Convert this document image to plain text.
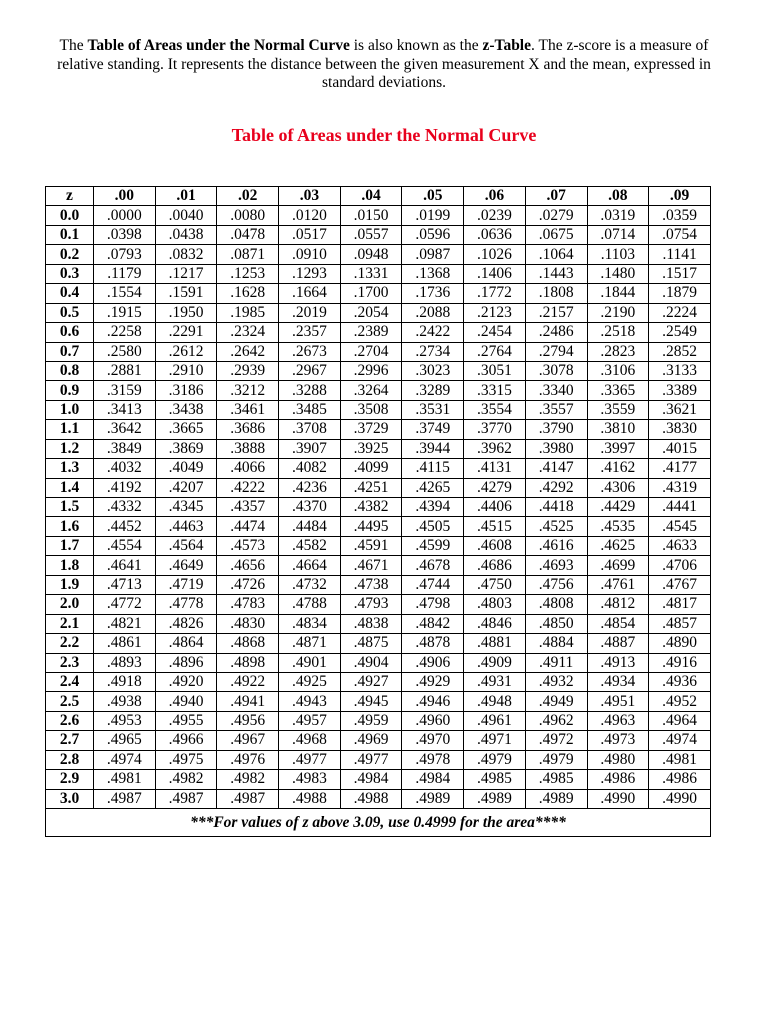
The Table of Areas under the Normal Curve is also known as the z-Table. The z-score is a measure of relative standing. It represents the distance between the given measurement X and the mean, expressed in standard deviations.
Table of Areas under the Normal Curve
z	.00	.01	.02	.03	.04	.05	.06	.07	.08	.09
0.0	.0000	.0040	.0080	.0120	.0150	.0199	.0239	.0279	.0319	.0359
0.1	.0398	.0438	.0478	.0517	.0557	.0596	.0636	.0675	.0714	.0754
0.2	.0793	.0832	.0871	.0910	.0948	.0987	.1026	.1064	.1103	.1141
0.3	.1179	.1217	.1253	.1293	.1331	.1368	.1406	.1443	.1480	.1517
0.4	.1554	.1591	.1628	.1664	.1700	.1736	.1772	.1808	.1844	.1879
0.5	.1915	.1950	.1985	.2019	.2054	.2088	.2123	.2157	.2190	.2224
0.6	.2258	.2291	.2324	.2357	.2389	.2422	.2454	.2486	.2518	.2549
0.7	.2580	.2612	.2642	.2673	.2704	.2734	.2764	.2794	.2823	.2852
0.8	.2881	.2910	.2939	.2967	.2996	.3023	.3051	.3078	.3106	.3133
0.9	.3159	.3186	.3212	.3288	.3264	.3289	.3315	.3340	.3365	.3389
1.0	.3413	.3438	.3461	.3485	.3508	.3531	.3554	.3557	.3559	.3621
1.1	.3642	.3665	.3686	.3708	.3729	.3749	.3770	.3790	.3810	.3830
1.2	.3849	.3869	.3888	.3907	.3925	.3944	.3962	.3980	.3997	.4015
1.3	.4032	.4049	.4066	.4082	.4099	.4115	.4131	.4147	.4162	.4177
1.4	.4192	.4207	.4222	.4236	.4251	.4265	.4279	.4292	.4306	.4319
1.5	.4332	.4345	.4357	.4370	.4382	.4394	.4406	.4418	.4429	.4441
1.6	.4452	.4463	.4474	.4484	.4495	.4505	.4515	.4525	.4535	.4545
1.7	.4554	.4564	.4573	.4582	.4591	.4599	.4608	.4616	.4625	.4633
1.8	.4641	.4649	.4656	.4664	.4671	.4678	.4686	.4693	.4699	.4706
1.9	.4713	.4719	.4726	.4732	.4738	.4744	.4750	.4756	.4761	.4767
2.0	.4772	.4778	.4783	.4788	.4793	.4798	.4803	.4808	.4812	.4817
2.1	.4821	.4826	.4830	.4834	.4838	.4842	.4846	.4850	.4854	.4857
2.2	.4861	.4864	.4868	.4871	.4875	.4878	.4881	.4884	.4887	.4890
2.3	.4893	.4896	.4898	.4901	.4904	.4906	.4909	.4911	.4913	.4916
2.4	.4918	.4920	.4922	.4925	.4927	.4929	.4931	.4932	.4934	.4936
2.5	.4938	.4940	.4941	.4943	.4945	.4946	.4948	.4949	.4951	.4952
2.6	.4953	.4955	.4956	.4957	.4959	.4960	.4961	.4962	.4963	.4964
2.7	.4965	.4966	.4967	.4968	.4969	.4970	.4971	.4972	.4973	.4974
2.8	.4974	.4975	.4976	.4977	.4977	.4978	.4979	.4979	.4980	.4981
2.9	.4981	.4982	.4982	.4983	.4984	.4984	.4985	.4985	.4986	.4986
3.0	.4987	.4987	.4987	.4988	.4988	.4989	.4989	.4989	.4990	.4990
***For values of z above 3.09, use 0.4999 for the area****										
